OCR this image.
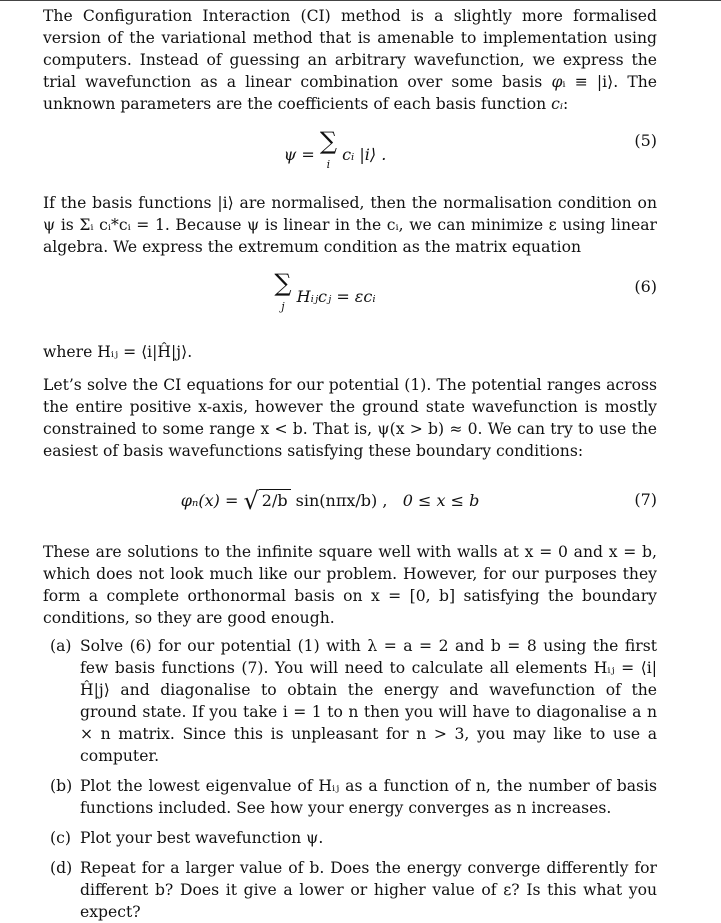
The Configuration Interaction (CI) method is a slightly more formalised version of the variational method that is amenable to implementation using computers. Instead of guessing an arbitrary wavefunction, we express the trial wavefunction as a linear combination over some basis φᵢ ≡ |i⟩. The unknown parameters are the coefficients of each basis function cᵢ:

ψ = ∑
i cᵢ |i⟩ .
(5)

If the basis functions |i⟩ are normalised, then the normalisation condition on ψ is Σᵢ cᵢ*cᵢ = 1. Because ψ is linear in the cᵢ, we can minimize ε using linear algebra. We express the extremum condition as the matrix equation

∑
j Hᵢⱼcⱼ = εcᵢ
(6)

where Hᵢⱼ = ⟨i|Ĥ|j⟩.

Let’s solve the CI equations for our potential (1). The potential ranges across the entire positive x-axis, however the ground state wavefunction is mostly constrained to some range x < b. That is, ψ(x > b) ≈ 0. We can try to use the easiest of basis wavefunctions satisfying these boundary conditions:

φₙ(x) = √ 2/b sin(nπx/b) , 0 ≤ x ≤ b	(7)

These are solutions to the infinite square well with walls at x = 0 and x = b, which does not look much like our problem. However, for our purposes they form a complete orthonormal basis on x = [0, b] satisfying the boundary conditions, so they are good enough.

(a) Solve (6) for our potential (1) with λ = a = 2 and b = 8 using the first few basis functions (7). You will need to calculate all elements Hᵢⱼ = ⟨i|Ĥ|j⟩ and diagonalise to obtain the energy and wavefunction of the ground state. If you take i = 1 to n then you will have to diagonalise a n × n matrix. Since this is unpleasant for n > 3, you may like to use a computer.

(b) Plot the lowest eigenvalue of Hᵢⱼ as a function of n, the number of basis functions included. See how your energy converges as n increases.

(c) Plot your best wavefunction ψ.

(d) Repeat for a larger value of b. Does the energy converge differently for different b? Does it give a lower or higher value of ε? Is this what you expect?
